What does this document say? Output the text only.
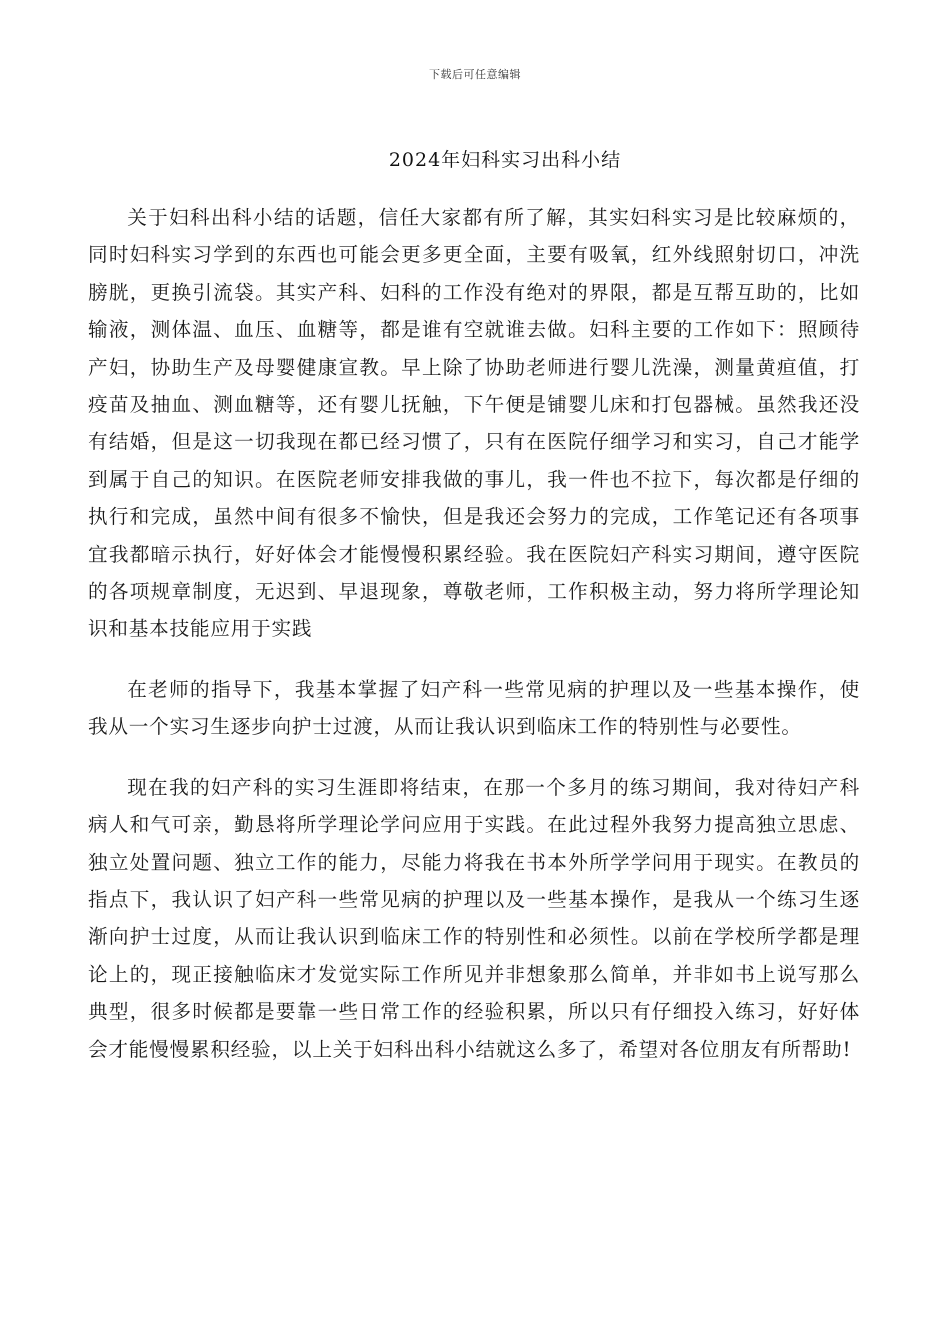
下载后可任意编辑
2024年妇科实习出科小结

关于妇科出科小结的话题，信任大家都有所了解，其实妇科实习是比较麻烦的，同时妇科实习学到的东西也可能会更多更全面，主要有吸氧，红外线照射切口，冲洗膀胱，更换引流袋。其实产科、妇科的工作没有绝对的界限，都是互帮互助的，比如输液，测体温、血压、血糖等，都是谁有空就谁去做。妇科主要的工作如下：照顾待产妇，协助生产及母婴健康宣教。早上除了协助老师进行婴儿洗澡，测量黄疸值，打疫苗及抽血、测血糖等，还有婴儿抚触，下午便是铺婴儿床和打包器械。虽然我还没有结婚，但是这一切我现在都已经习惯了，只有在医院仔细学习和实习，自己才能学到属于自己的知识。在医院老师安排我做的事儿，我一件也不拉下，每次都是仔细的执行和完成，虽然中间有很多不愉快，但是我还会努力的完成，工作笔记还有各项事宜我都暗示执行，好好体会才能慢慢积累经验。我在医院妇产科实习期间，遵守医院的各项规章制度，无迟到、早退现象，尊敬老师，工作积极主动，努力将所学理论知识和基本技能应用于实践

在老师的指导下，我基本掌握了妇产科一些常见病的护理以及一些基本操作，使我从一个实习生逐步向护士过渡，从而让我认识到临床工作的特别性与必要性。

现在我的妇产科的实习生涯即将结束，在那一个多月的练习期间，我对待妇产科病人和气可亲，勤恳将所学理论学问应用于实践。在此过程外我努力提高独立思虑、独立处置问题、独立工作的能力，尽能力将我在书本外所学学问用于现实。在教员的指点下，我认识了妇产科一些常见病的护理以及一些基本操作，是我从一个练习生逐渐向护士过度，从而让我认识到临床工作的特别性和必须性。以前在学校所学都是理论上的，现正接触临床才发觉实际工作所见并非想象那么简单，并非如书上说写那么典型，很多时候都是要靠一些日常工作的经验积累，所以只有仔细投入练习，好好体会才能慢慢累积经验，以上关于妇科出科小结就这么多了，希望对各位朋友有所帮助!
